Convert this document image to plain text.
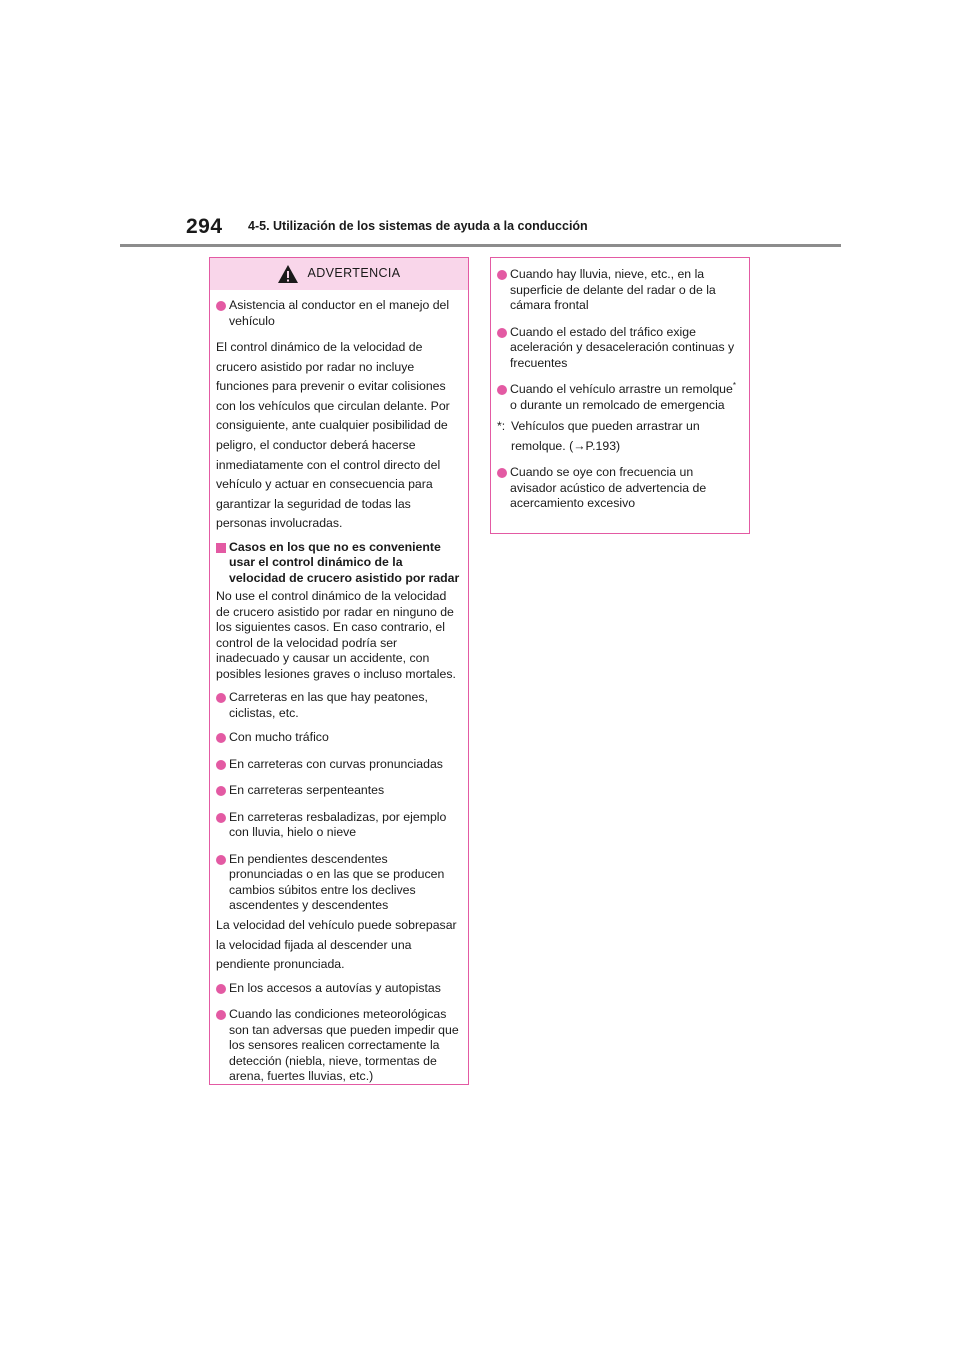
294 4-5. Utilización de los sistemas de ayuda a la conducción
ADVERTENCIA
Asistencia al conductor en el manejo del vehículo

El control dinámico de la velocidad de crucero asistido por radar no incluye funciones para prevenir o evitar colisiones con los vehículos que circulan delante. Por consiguiente, ante cualquier posibilidad de peligro, el conductor deberá hacerse inmediatamente con el control directo del vehículo y actuar en consecuencia para garantizar la seguridad de todas las personas involucradas.

Casos en los que no es conveniente usar el control dinámico de la velocidad de crucero asistido por radar

No use el control dinámico de la velocidad de crucero asistido por radar en ninguno de los siguientes casos. En caso contrario, el control de la velocidad podría ser inadecuado y causar un accidente, con posibles lesiones graves o incluso mortales.

Carreteras en las que hay peatones, ciclistas, etc.
Con mucho tráfico
En carreteras con curvas pronunciadas
En carreteras serpenteantes
En carreteras resbaladizas, por ejemplo con lluvia, hielo o nieve
En pendientes descendentes pronunciadas o en las que se producen cambios súbitos entre los declives ascendentes y descendentes

La velocidad del vehículo puede sobrepasar la velocidad fijada al descender una pendiente pronunciada.

En los accesos a autovías y autopistas
Cuando las condiciones meteorológicas son tan adversas que pueden impedir que los sensores realicen correctamente la detección (niebla, nieve, tormentas de arena, fuertes lluvias, etc.)
Cuando hay lluvia, nieve, etc., en la superficie de delante del radar o de la cámara frontal
Cuando el estado del tráfico exige aceleración y desaceleración continuas y frecuentes
Cuando el vehículo arrastre un remolque* o durante un remolcado de emergencia
*: Vehículos que pueden arrastrar un remolque. (→P.193)
Cuando se oye con frecuencia un avisador acústico de advertencia de acercamiento excesivo
